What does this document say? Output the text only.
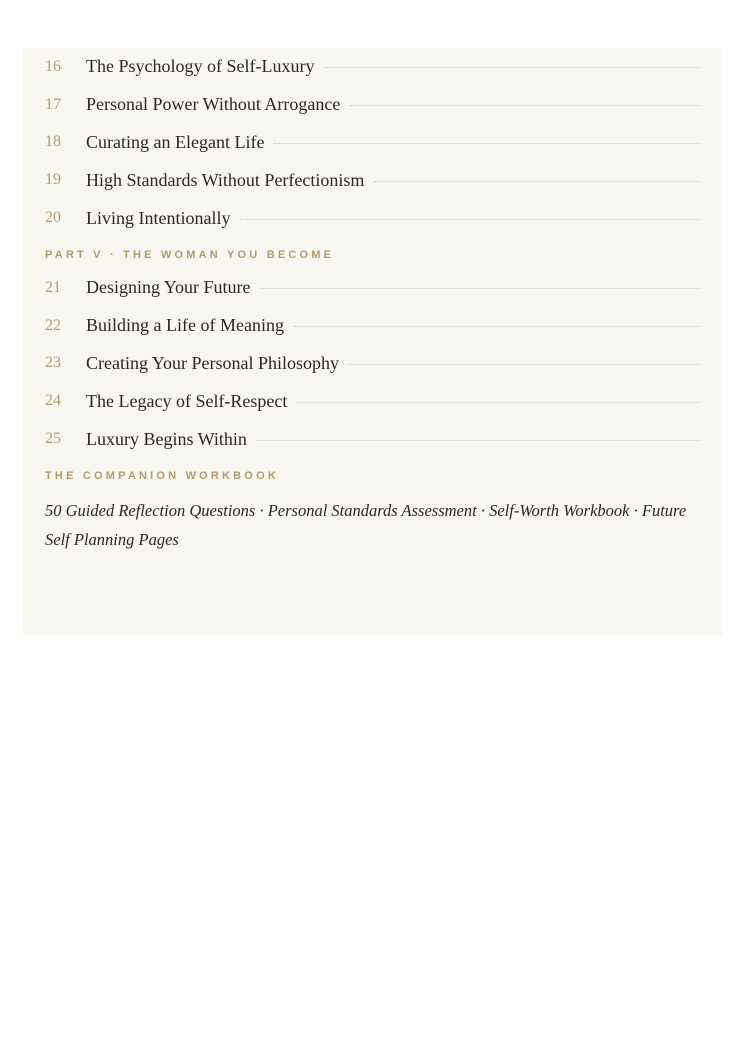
16	The Psychology of Self-Luxury
17	Personal Power Without Arrogance
18	Curating an Elegant Life
19	High Standards Without Perfectionism
20	Living Intentionally
PART V · THE WOMAN YOU BECOME
21	Designing Your Future
22	Building a Life of Meaning
23	Creating Your Personal Philosophy
24	The Legacy of Self-Respect
25	Luxury Begins Within
THE COMPANION WORKBOOK
50 Guided Reflection Questions · Personal Standards Assessment · Self-Worth Workbook · Future Self Planning Pages
